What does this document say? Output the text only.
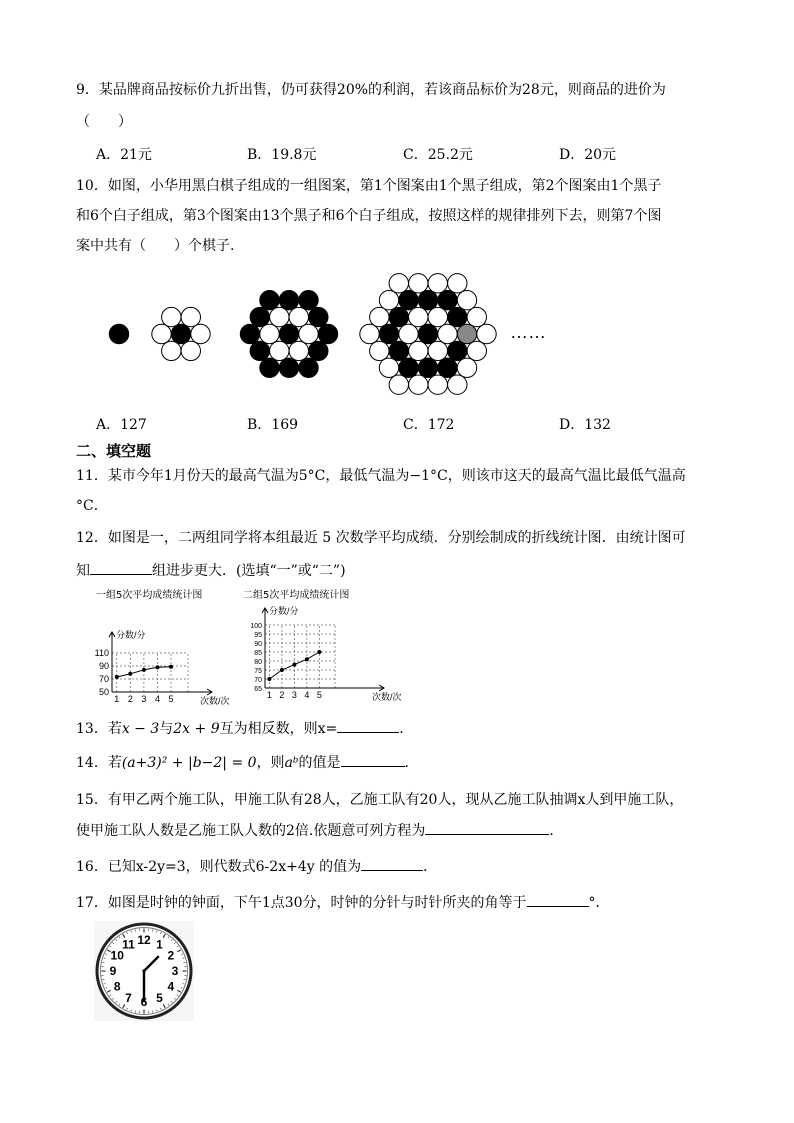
9．某品牌商品按标价九折出售，仍可获得20%的利润，若该商品标价为28元，则商品的进价为
（　　）
A．21元	B．19.8元	C．25.2元	D．20元
10．如图，小华用黑白棋子组成的一组图案，第1个图案由1个黑子组成，第2个图案由1个黑子
和6个白子组成，第3个图案由13个黑子和6个白子组成，按照这样的规律排列下去，则第7个图
案中共有（　　）个棋子.
……
A．127	B．169	C．172	D．132
二、填空题
11．某市今年1月份天的最高气温为5°C，最低气温为−1°C，则该市这天的最高气温比最低气温高
°C．
12．如图是一，二两组同学将本组最近 5 次数学平均成绩．分别绘制成的折线统计图．由统计图可
知	组进步更大．(选填“一”或“二”)
一组5次平均成绩统计图	二组5次平均成绩统计图
50
70
90
110
1 2 3 4 5
分数/分
次数/次
65
70
75
80
85
90
95
100
1 2 3 4 5
分数/分
次数/次
13．若x − 3与2x + 9互为相反数，则x=	.
14．若(a+3)² + |b−2| = 0，则aᵇ的值是	．
15．有甲乙两个施工队，甲施工队有28人，乙施工队有20人，现从乙施工队抽调x人到甲施工队，
使甲施工队人数是乙施工队人数的2倍.依题意可列方程为	.
16．已知x-2y=3，则代数式6-2x+4y 的值为	．
17．如图是时钟的钟面，下午1点30分，时钟的分针与时针所夹的角等于	°．
12 1
2
3
4
5
6
7
8
9
10
11
